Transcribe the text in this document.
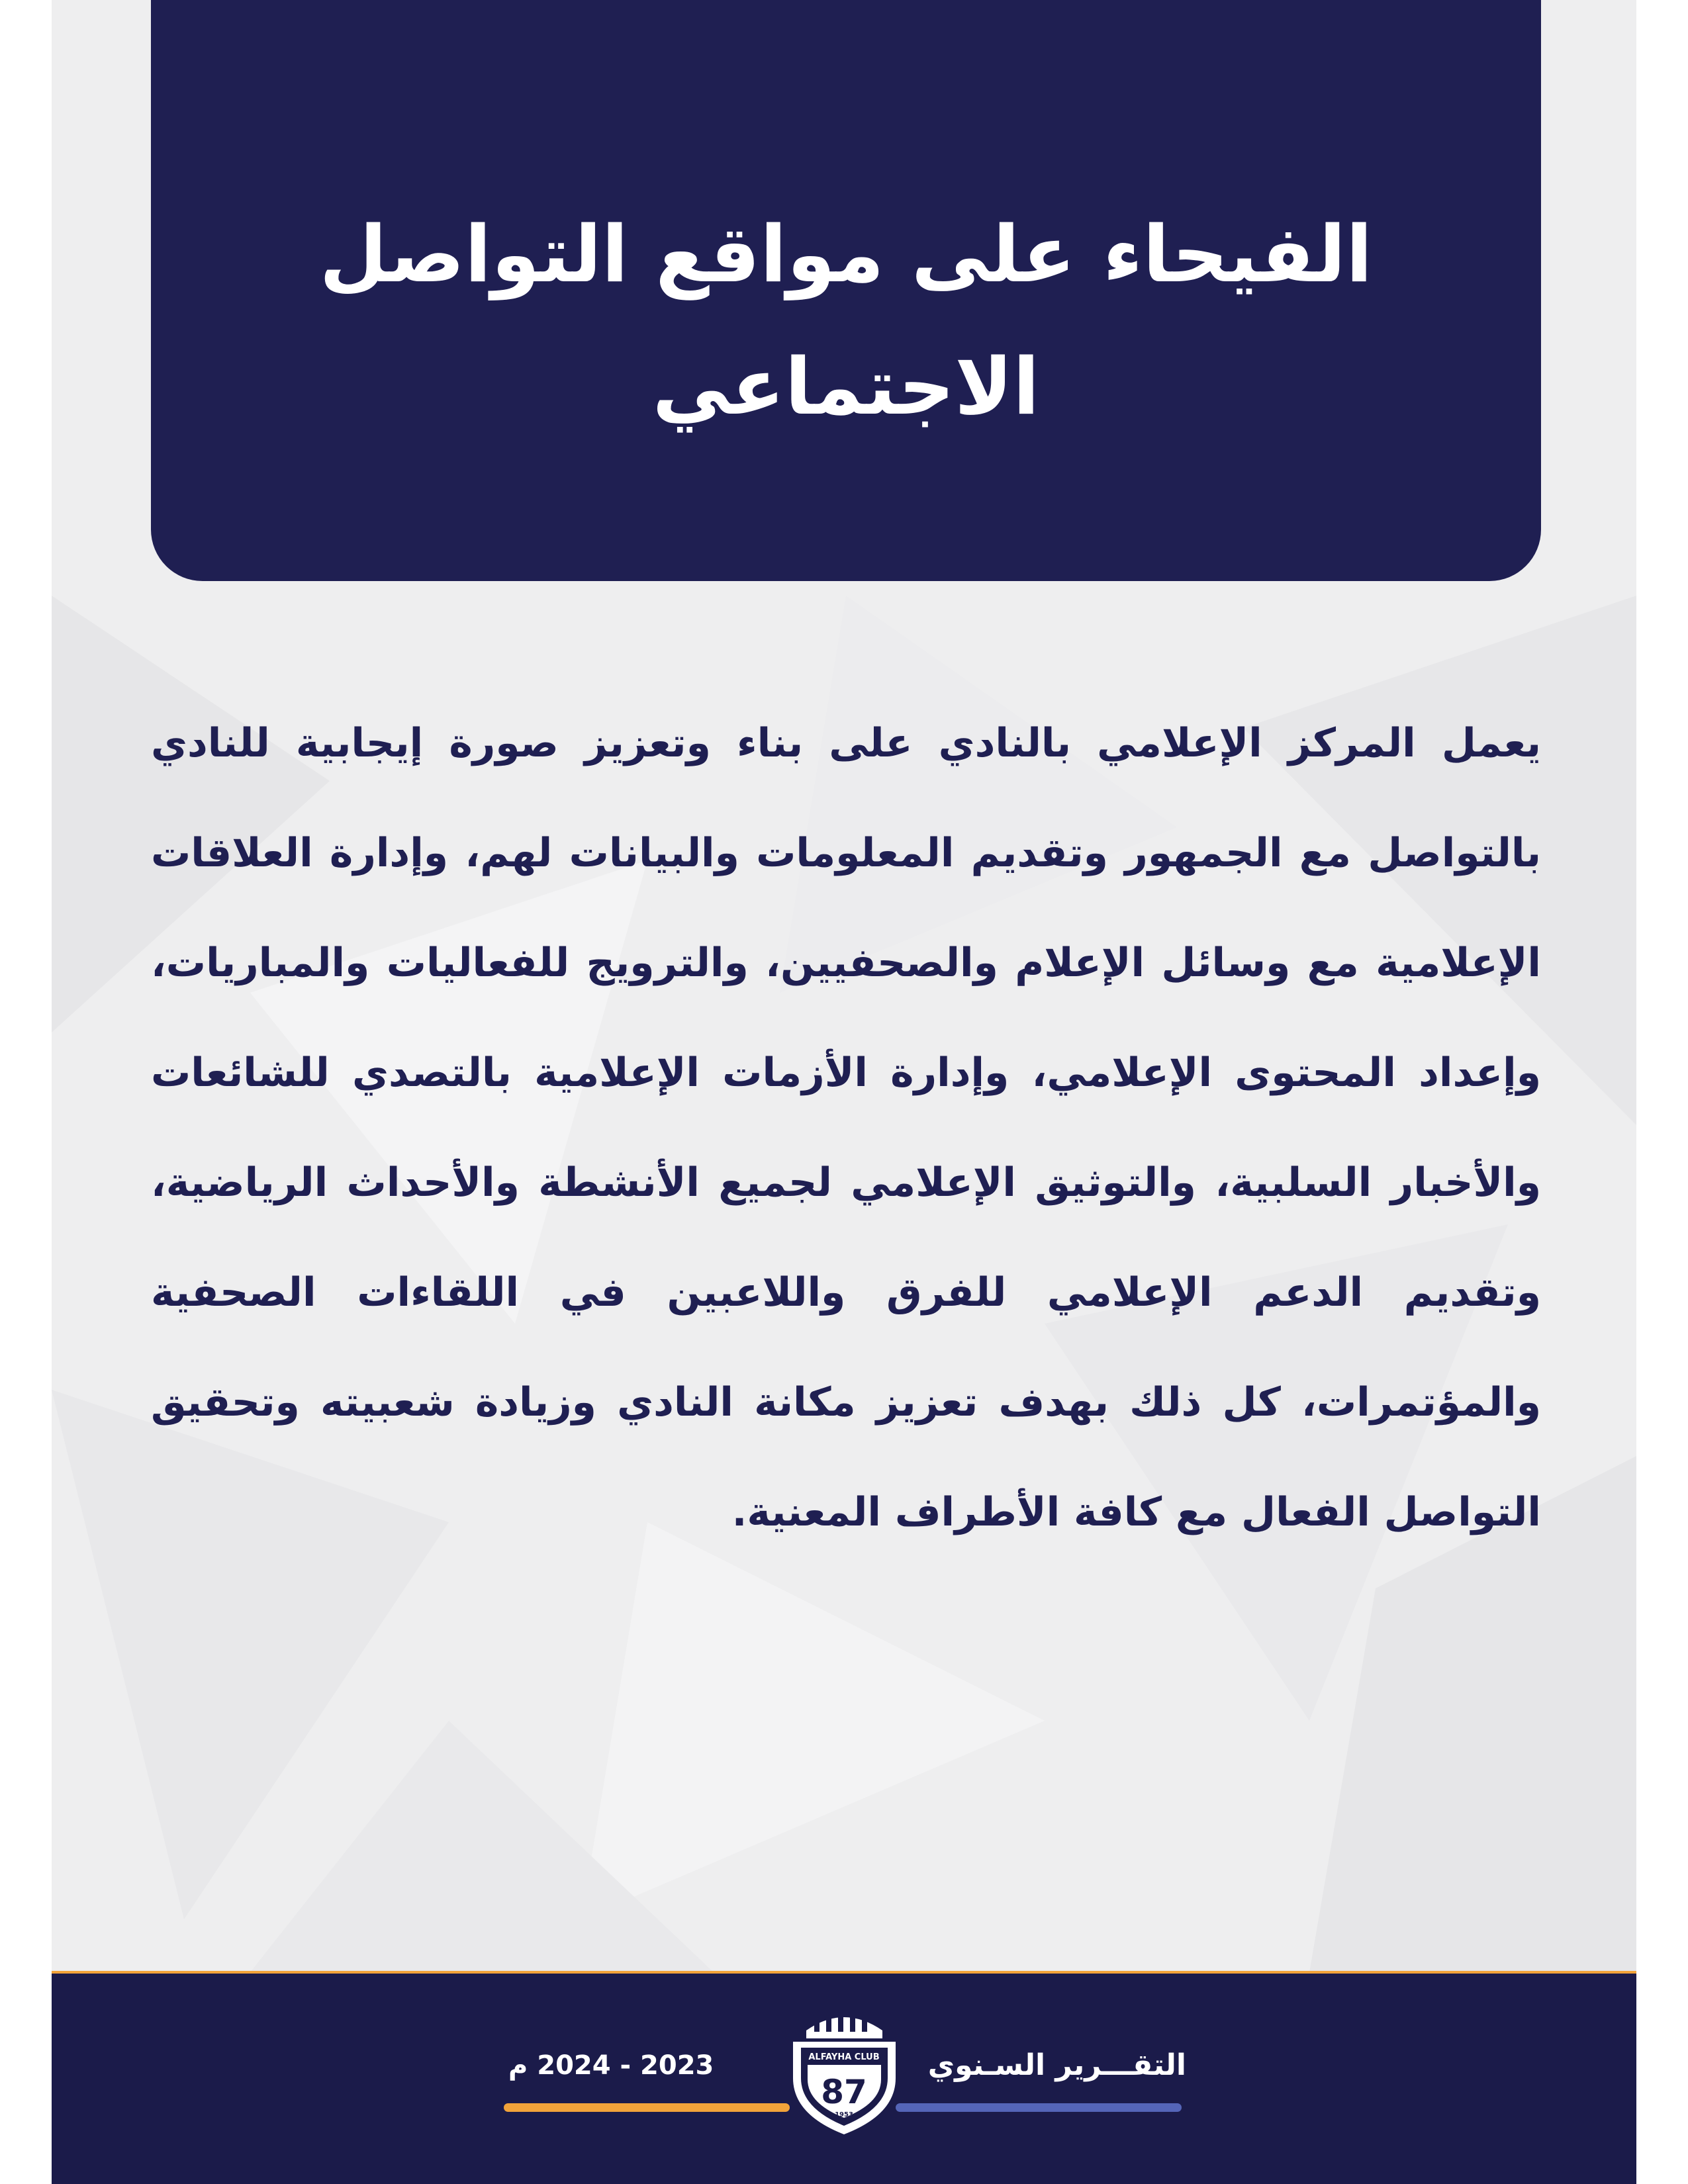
الفيحاء على مواقع التواصل الاجتماعي

يعمل المركز الإعلامي بالنادي على بناء وتعزيز صورة إيجابية للنادي بالتواصل مع الجمهور وتقديم المعلومات والبيانات لهم، وإدارة العلاقات الإعلامية مع وسائل الإعلام والصحفيين، والترويج للفعاليات والمباريات، وإعداد المحتوى الإعلامي، وإدارة الأزمات الإعلامية بالتصدي للشائعات والأخبار السلبية، والتوثيق الإعلامي لجميع الأنشطة والأحداث الرياضية، وتقديم الدعم الإعلامي للفرق واللاعبين في اللقاءات الصحفية والمؤتمرات، كل ذلك بهدف تعزيز مكانة النادي وزيادة شعبيته وتحقيق التواصل الفعال مع كافة الأطراف المعنية.

التقـــرير السـنوي
2023 - 2024 م	ALFAYHA CLUB
87
1953
